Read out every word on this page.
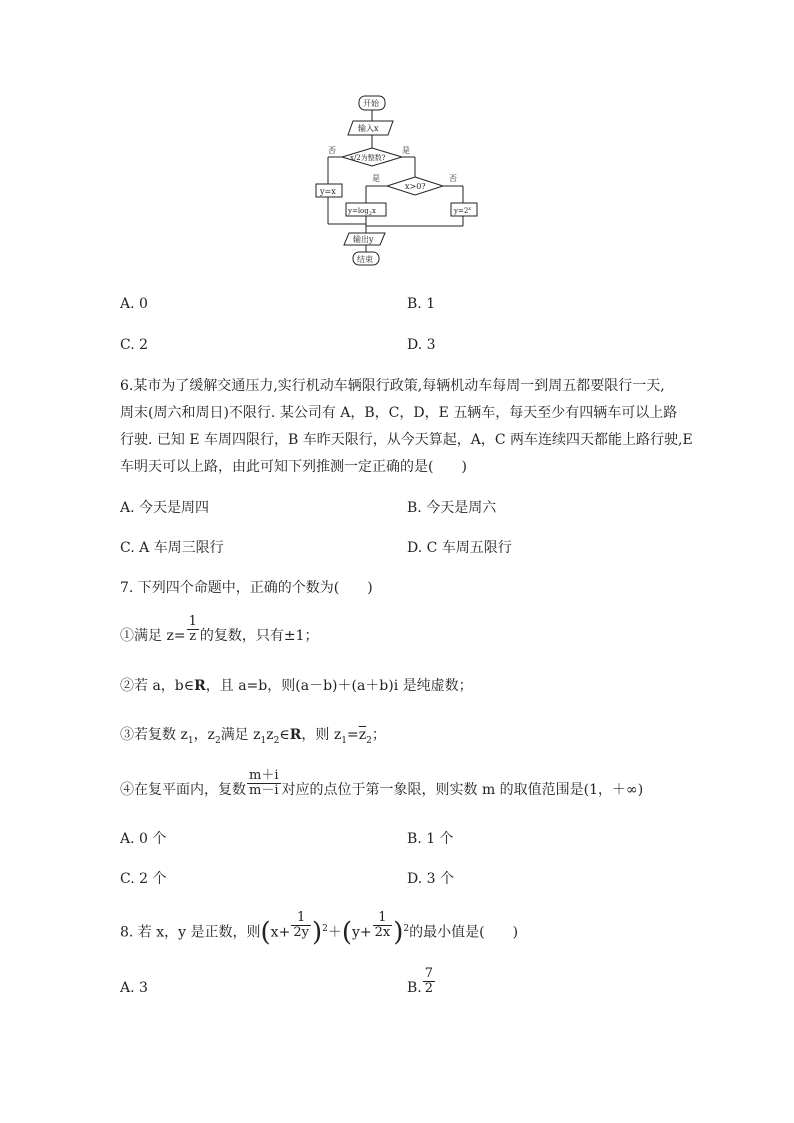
开始
输入x
x/2为整数?
否	是
y=x
x>0?
是	否
$y=\log_2x$	$y=2^x$
输出y
结束
A. 0	B. 1
C. 2	D. 3
6.某市为了缓解交通压力,实行机动车辆限行政策,每辆机动车每周一到周五都要限行一天,
周末(周六和周日)不限行. 某公司有 A，B，C，D，E 五辆车，每天至少有四辆车可以上路
行驶. 已知 E 车周四限行，B 车昨天限行，从今天算起，A，C 两车连续四天都能上路行驶,E
车明天可以上路，由此可知下列推测一定正确的是(　　)
A. 今天是周四	B. 今天是周六
C. A 车周三限行	D. C 车周五限行
7. 下列四个命题中，正确的个数为(　　)
①满足 $z= \frac{1}{z}$ 的复数，只有±1；
②若 a，b∈R，且 a=b，则(a－b)＋(a＋b)i 是纯虚数；
③若复数 $z_1$，$z_2$满足 $z_1z_2\in R$，则 $z_1=\overline{z}_2$；
④在复平面内，复数 $\frac{m+i}{m-i}$ 对应的点位于第一象限，则实数 m 的取值范围是(1，＋∞)
A. 0 个	B. 1 个
C. 2 个	D. 3 个
8. 若 x，y 是正数，则$(x+ \frac{1}{2y} )^2+(y+ \frac{1}{2x} )^2$的最小值是(　　)
A. 3	B. $\frac{7}{2}$
